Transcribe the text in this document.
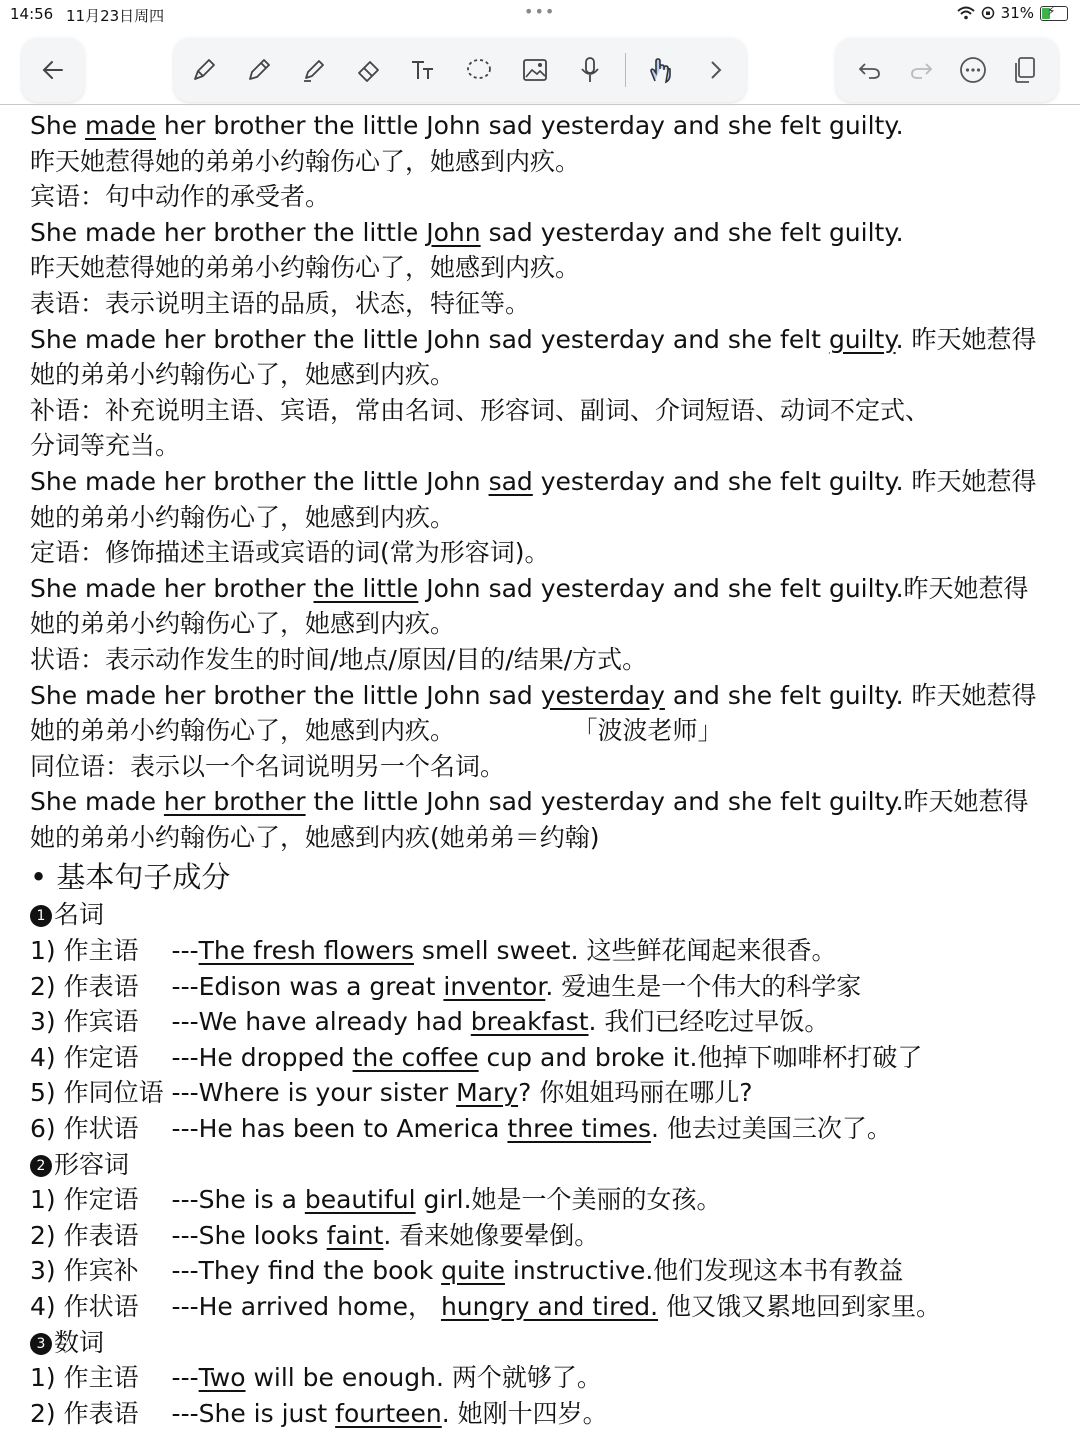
14:56 11月23日周四	•••	31% ⚡
She made her brother the little John sad yesterday and she felt guilty.
昨天她惹得她的弟弟小约翰伤心了，她感到内疚。
宾语：句中动作的承受者。
She made her brother the little John sad yesterday and she felt guilty.
昨天她惹得她的弟弟小约翰伤心了，她感到内疚。
表语：表示说明主语的品质，状态，特征等。
She made her brother the little John sad yesterday and she felt guilty. 昨天她惹得
她的弟弟小约翰伤心了，她感到内疚。
补语：补充说明主语、宾语，常由名词、形容词、副词、介词短语、动词不定式、
分词等充当。
She made her brother the little John sad yesterday and she felt guilty. 昨天她惹得
她的弟弟小约翰伤心了，她感到内疚。
定语：修饰描述主语或宾语的词(常为形容词)。
She made her brother the little John sad yesterday and she felt guilty.昨天她惹得
她的弟弟小约翰伤心了，她感到内疚。
状语：表示动作发生的时间/地点/原因/目的/结果/方式。
She made her brother the little John sad yesterday and she felt guilty. 昨天她惹得
她的弟弟小约翰伤心了，她感到内疚。	「波波老师」
同位语：表示以一个名词说明另一个名词。
She made her brother the little John sad yesterday and she felt guilty.昨天她惹得
她的弟弟小约翰伤心了，她感到内疚(她弟弟＝约翰)
• 基本句子成分
1 名词
1) 作主语　 ---The fresh flowers smell sweet. 这些鲜花闻起来很香。
2) 作表语　 ---Edison was a great inventor. 爱迪生是一个伟大的科学家
3) 作宾语　 ---We have already had breakfast. 我们已经吃过早饭。
4) 作定语　 ---He dropped the coffee cup and broke it.他掉下咖啡杯打破了
5) 作同位语 ---Where is your sister Mary? 你姐姐玛丽在哪儿?
6) 作状语　 ---He has been to America three times. 他去过美国三次了。
2 形容词
1) 作定语　 ---She is a beautiful girl.她是一个美丽的女孩。
2) 作表语　 ---She looks faint. 看来她像要晕倒。
3) 作宾补　 ---They find the book quite instructive.他们发现这本书有教益
4) 作状语　 ---He arrived home， hungry and tired. 他又饿又累地回到家里。
3 数词
1) 作主语　 ---Two will be enough. 两个就够了。
2) 作表语　 ---She is just fourteen. 她刚十四岁。
